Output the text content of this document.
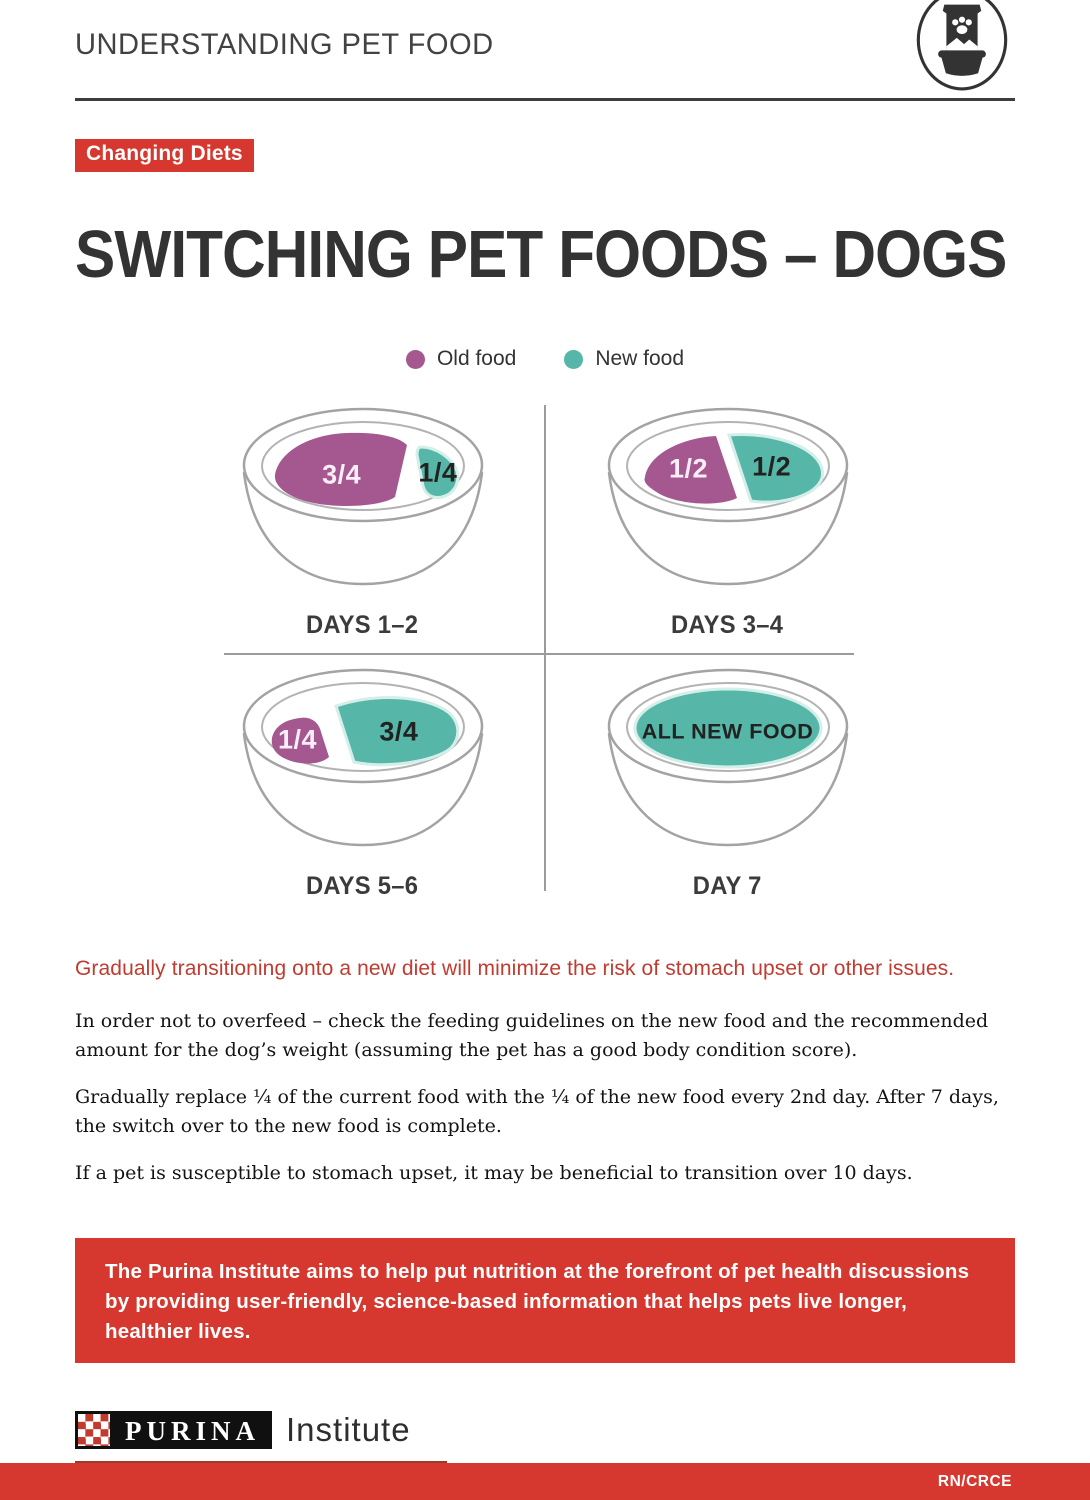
UNDERSTANDING PET FOOD
Changing Diets
SWITCHING PET FOODS – DOGS
Old food	New food
3/4 1/4
DAYS 1–2
1/2 1/2
DAYS 3–4
1/4 3/4
DAYS 5–6
ALL NEW FOOD
DAY 7
Gradually transitioning onto a new diet will minimize the risk of stomach upset or other issues.

In order not to overfeed – check the feeding guidelines on the new food and the recommended amount for the dog’s weight (assuming the pet has a good body condition score).

Gradually replace ¼ of the current food with the ¼ of the new food every 2nd day. After 7 days, the switch over to the new food is complete.

If a pet is susceptible to stomach upset, it may be beneficial to transition over 10 days.

The Purina Institute aims to help put nutrition at the forefront of pet health discussions by providing user-friendly, science-based information that helps pets live longer, healthier lives.
PURINA Institute
RN/CRCE
